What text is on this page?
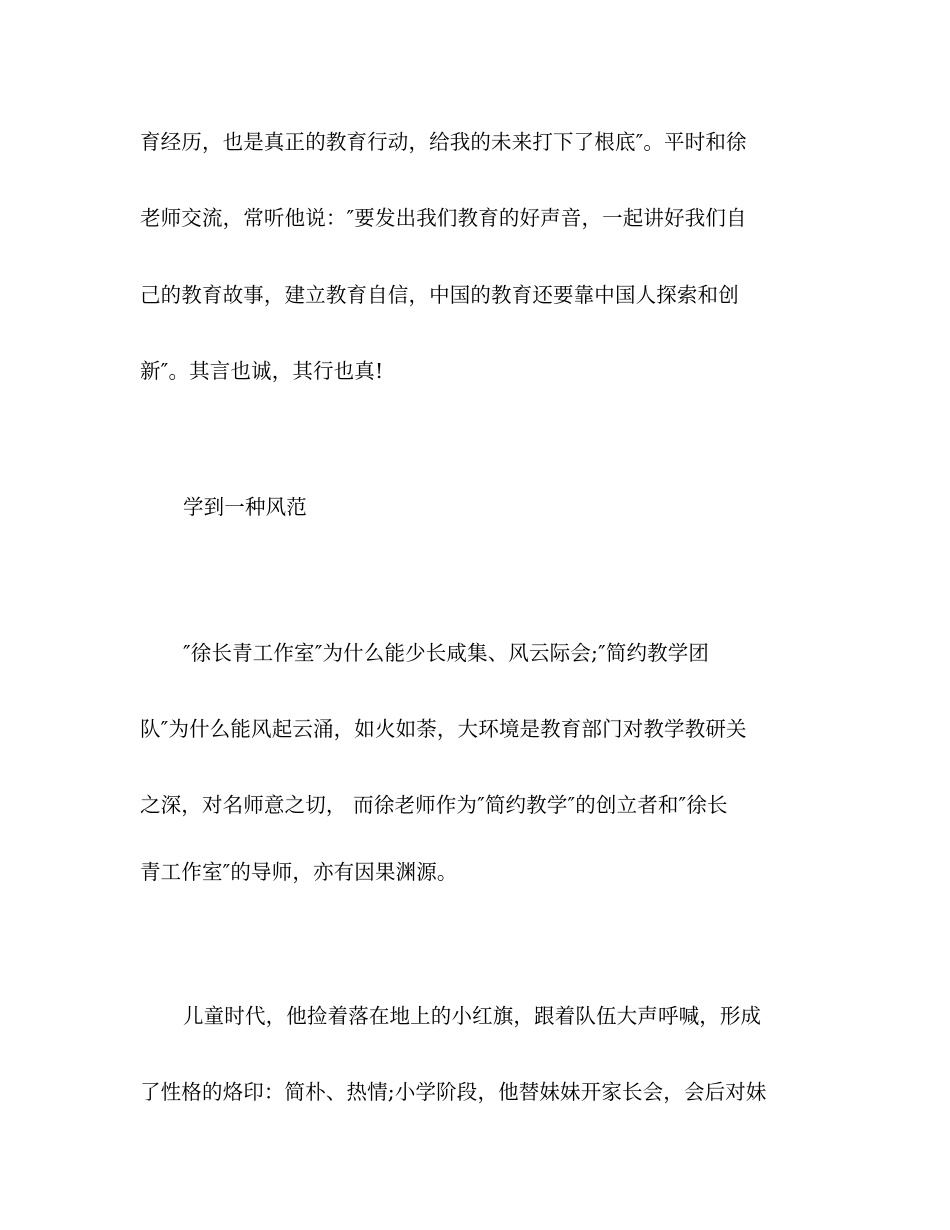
育经历，也是真正的教育行动，给我的未来打下了根底″。平时和徐
老师交流，常听他说：″要发出我们教育的好声音，一起讲好我们自
己的教育故事，建立教育自信，中国的教育还要靠中国人探索和创
新″。其言也诚，其行也真!
学到一种风范
″徐长青工作室″为什么能少长咸集、风云际会;″简约教学团
队″为什么能风起云涌，如火如荼，大环境是教育部门对教学教研关
之深，对名师意之切， 而徐老师作为″简约教学″的创立者和″徐长
青工作室″的导师，亦有因果渊源。
儿童时代，他捡着落在地上的小红旗，跟着队伍大声呼喊，形成
了性格的烙印：简朴、热情;小学阶段，他替妹妹开家长会，会后对妹
